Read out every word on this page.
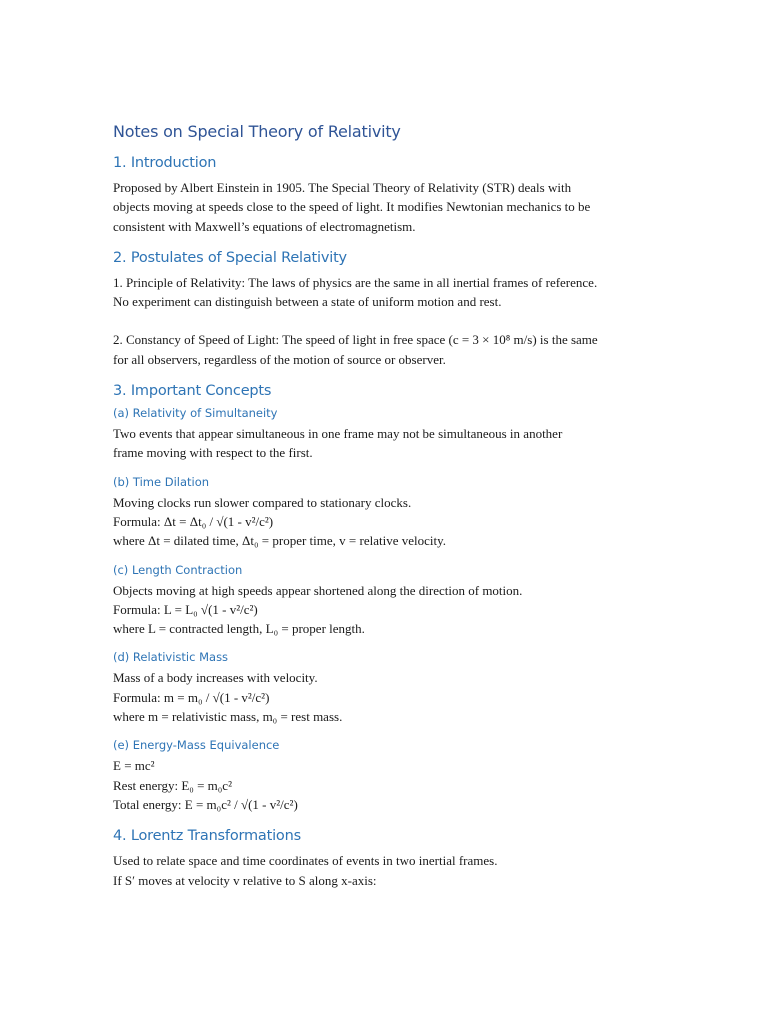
Notes on Special Theory of Relativity
1. Introduction

Proposed by Albert Einstein in 1905. The Special Theory of Relativity (STR) deals with

objects moving at speeds close to the speed of light. It modifies Newtonian mechanics to be

consistent with Maxwell’s equations of electromagnetism.

2. Postulates of Special Relativity

1. Principle of Relativity: The laws of physics are the same in all inertial frames of reference.

No experiment can distinguish between a state of uniform motion and rest.

2. Constancy of Speed of Light: The speed of light in free space (c = 3 × 10⁸ m/s) is the same

for all observers, regardless of the motion of source or observer.

3. Important Concepts
(a) Relativity of Simultaneity

Two events that appear simultaneous in one frame may not be simultaneous in another

frame moving with respect to the first.

(b) Time Dilation

Moving clocks run slower compared to stationary clocks.

Formula: Δt = Δt₀ / √(1 - v²/c²)

where Δt = dilated time, Δt₀ = proper time, v = relative velocity.

(c) Length Contraction

Objects moving at high speeds appear shortened along the direction of motion.

Formula: L = L₀ √(1 - v²/c²)

where L = contracted length, L₀ = proper length.

(d) Relativistic Mass

Mass of a body increases with velocity.

Formula: m = m₀ / √(1 - v²/c²)

where m = relativistic mass, m₀ = rest mass.

(e) Energy-Mass Equivalence

E = mc²

Rest energy: E₀ = m₀c²

Total energy: E = m₀c² / √(1 - v²/c²)

4. Lorentz Transformations

Used to relate space and time coordinates of events in two inertial frames.

If S′ moves at velocity v relative to S along x-axis:
